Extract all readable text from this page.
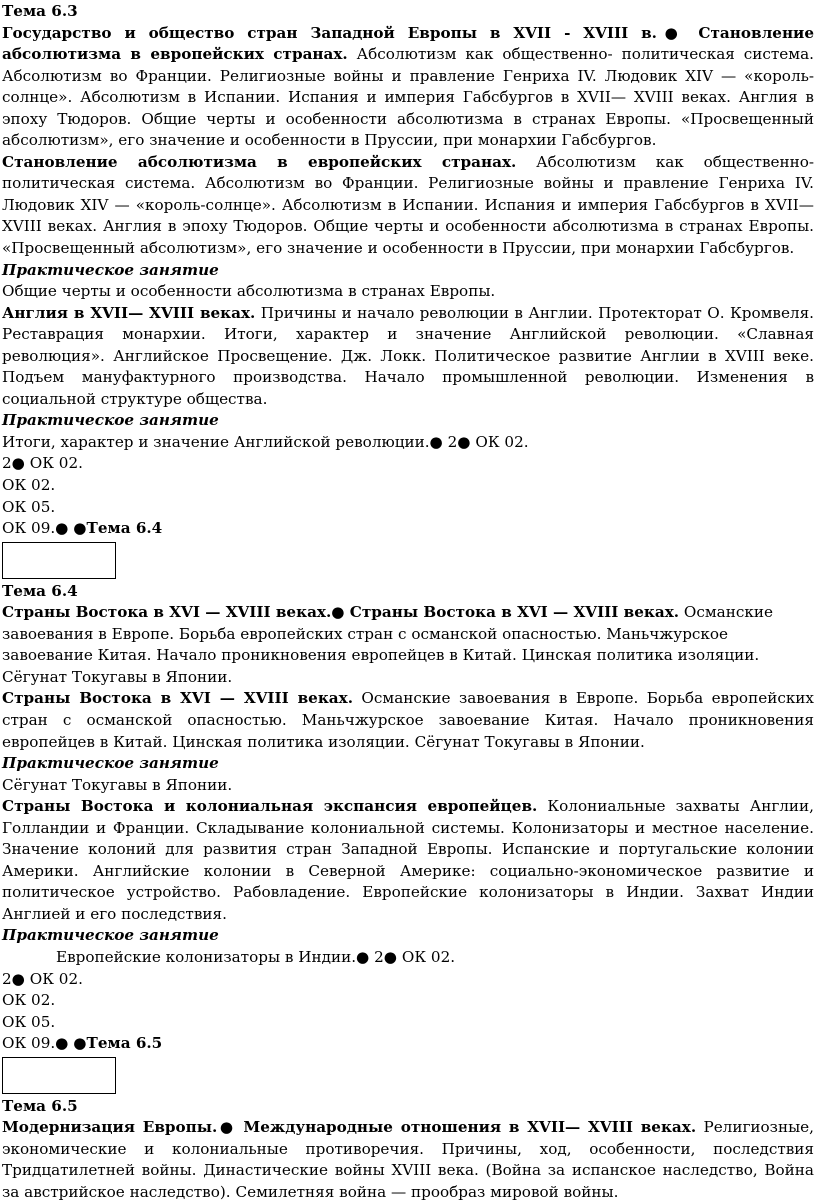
Тема 6.3

Государство и общество стран Западной Европы в XVII - XVIII в.● Становление абсолютизма в европейских странах. Абсолютизм как общественно- политическая система. Абсолютизм во Франции. Религиозные войны и правление Генриха IV. Людовик XIV — «король-солнце». Абсолютизм в Испании. Испания и империя Габсбургов в XVII— XVIII веках. Англия в эпоху Тюдоров. Общие черты и особенности абсолютизма в странах Европы. «Просвещенный абсолютизм», его значение и особенности в Пруссии, при монархии Габсбургов.

Становление абсолютизма в европейских странах. Абсолютизм как общественно- политическая система. Абсолютизм во Франции. Религиозные войны и правление Генриха IV. Людовик XIV — «король-солнце». Абсолютизм в Испании. Испания и империя Габсбургов в XVII— XVIII веках. Англия в эпоху Тюдоров. Общие черты и особенности абсолютизма в странах Европы. «Просвещенный абсолютизм», его значение и особенности в Пруссии, при монархии Габсбургов.

Практическое занятие

Общие черты и особенности абсолютизма в странах Европы.

Англия в XVII— XVIII веках. Причины и начало революции в Англии. Протекторат О. Кромвеля. Реставрация монархии. Итоги, характер и значение Английской революции. «Славная революция». Английское Просвещение. Дж. Локк. Политическое развитие Англии в XVIII веке. Подъем мануфактурного производства. Начало промышленной революции. Изменения в социальной структуре общества.

Практическое занятие

Итоги, характер и значение Английской революции.● 2● ОК 02.

2● ОК 02.

ОК 02.

ОК 05.

ОК 09.● ●Тема 6.4

Тема 6.4

Страны Востока в XVI — XVIII веках.● Страны Востока в XVI — XVIII веках. Османские завоевания в Европе. Борьба европейских стран с османской опасностью. Маньчжурское завоевание Китая. Начало проникновения европейцев в Китай. Цинская политика изоляции. Сёгунат Токугавы в Японии.

Страны Востока в XVI — XVIII веках. Османские завоевания в Европе. Борьба европейских стран с османской опасностью. Маньчжурское завоевание Китая. Начало проникновения европейцев в Китай. Цинская политика изоляции. Сёгунат Токугавы в Японии.

Практическое занятие

Сёгунат Токугавы в Японии.

Страны Востока и колониальная экспансия европейцев. Колониальные захваты Англии, Голландии и Франции. Складывание колониальной системы. Колонизаторы и местное население. Значение колоний для развития стран Западной Европы. Испанские и португальские колонии Америки. Английские колонии в Северной Америке: социально-экономическое развитие и политическое устройство. Рабовладение. Европейские колонизаторы в Индии. Захват Индии Англией и его последствия.

Практическое занятие

Европейские колонизаторы в Индии.● 2● ОК 02.

2● ОК 02.

ОК 02.

ОК 05.

ОК 09.● ●Тема 6.5

Тема 6.5

Модернизация Европы.● Международные отношения в XVII— XVIII веках. Религиозные, экономические и колониальные противоречия. Причины, ход, особенности, последствия Тридцатилетней войны. Династические войны XVIII века. (Война за испанское наследство, Война за австрийское наследство). Семилетняя война — прообраз мировой войны.
